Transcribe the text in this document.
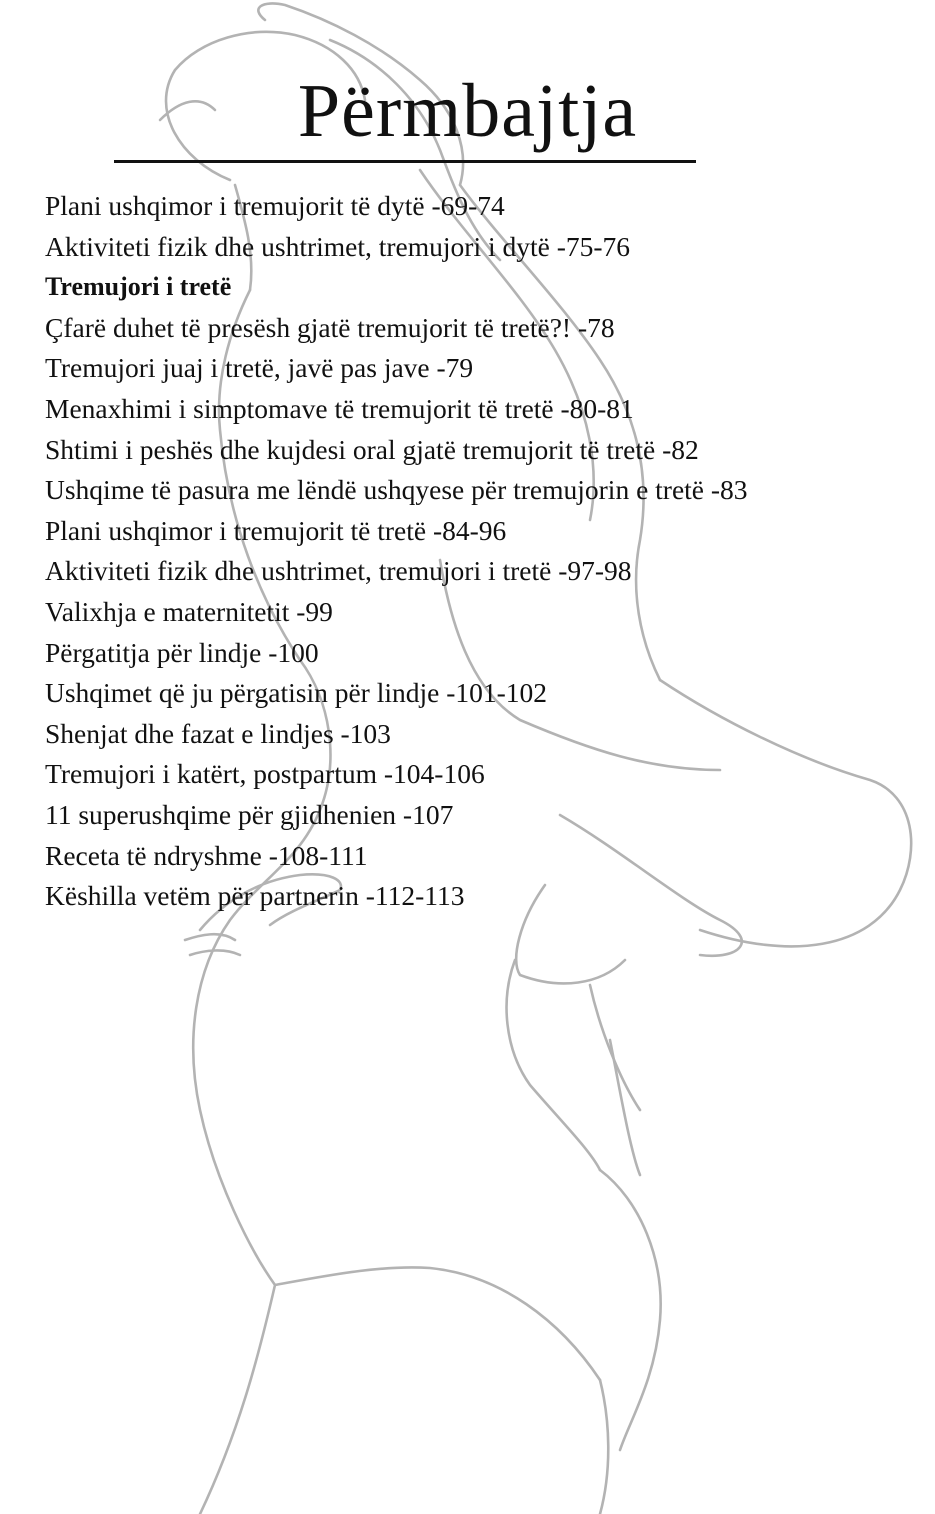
Përmbajtja
Plani ushqimor i tremujorit të dytë -69-74
Aktiviteti fizik dhe ushtrimet, tremujori i dytë -75-76
Tremujori i tretë
Çfarë duhet të presësh gjatë tremujorit të tretë?! -78
Tremujori juaj i tretë, javë pas jave -79
Menaxhimi i simptomave të tremujorit të tretë -80-81
Shtimi i peshës dhe kujdesi oral gjatë tremujorit të tretë -82
Ushqime të pasura me lëndë ushqyese për tremujorin e tretë -83
Plani ushqimor i tremujorit të tretë -84-96
Aktiviteti fizik dhe ushtrimet, tremujori i tretë -97-98
Valixhja e maternitetit -99
Përgatitja për lindje -100
Ushqimet që ju përgatisin për lindje -101-102
Shenjat dhe fazat e lindjes -103
Tremujori i katërt, postpartum -104-106
11 superushqime për gjidhenien -107
Receta të ndryshme -108-111
Këshilla vetëm për partnerin -112-113
